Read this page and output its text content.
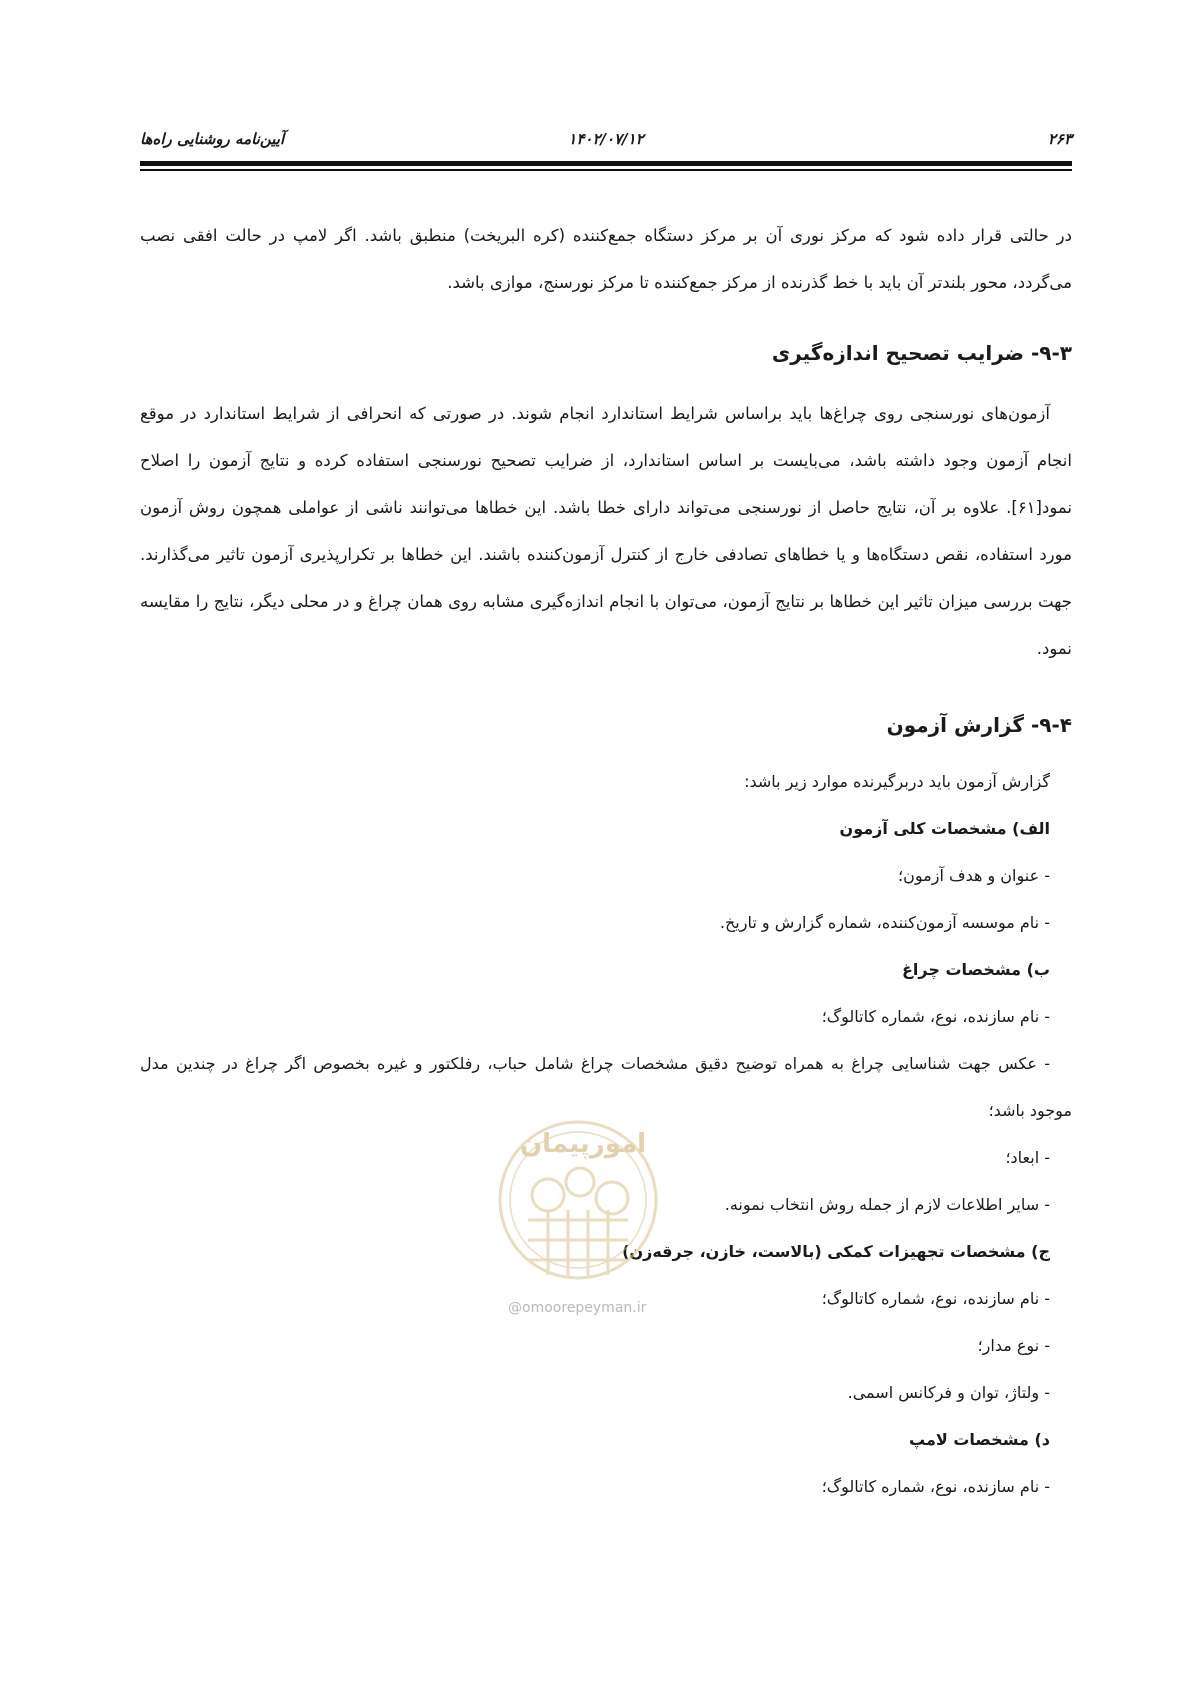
۲۶۳
۱۴۰۲/۰۷/۱۲
آیین‌نامه روشنایی راه‌ها

در حالتی قرار داده شود که مرکز نوری آن بر مرکز دستگاه جمع‌کننده (کره البریخت) منطبق باشد. اگر لامپ در حالت افقی نصب می‌گردد، محور بلندتر آن باید با خط گذرنده از مرکز جمع‌کننده تا مرکز نورسنج، موازی باشد.

۹-۳- ضرایب تصحیح اندازه‌گیری

آزمون‌های نورسنجی روی چراغ‌ها باید براساس شرایط استاندارد انجام شوند. در صورتی که انحرافی از شرایط استاندارد در موقع انجام آزمون وجود داشته باشد، می‌بایست بر اساس استاندارد، از ضرایب تصحیح نورسنجی استفاده کرده و نتایج آزمون را اصلاح نمود[۶۱]. علاوه بر آن، نتایج حاصل از نورسنجی می‌تواند دارای خطا باشد. این خطاها می‌توانند ناشی از عواملی همچون روش آزمون مورد استفاده، نقص دستگاه‌ها و یا خطاهای تصادفی خارج از کنترل آزمون‌کننده باشند. این خطاها بر تکرارپذیری آزمون تاثیر می‌گذارند. جهت بررسی میزان تاثیر این خطاها بر نتایج آزمون، می‌توان با انجام اندازه‌گیری مشابه روی همان چراغ و در محلی دیگر، نتایج را مقایسه نمود.

۹-۴- گزارش آزمون

گزارش آزمون باید دربرگیرنده موارد زیر باشد:

الف) مشخصات کلی آزمون

- عنوان و هدف آزمون؛

- نام موسسه آزمون‌کننده، شماره گزارش و تاریخ.

ب) مشخصات چراغ

- نام سازنده، نوع، شماره کاتالوگ؛

- عکس جهت شناسایی چراغ به همراه توضیح دقیق مشخصات چراغ شامل حباب، رفلکتور و غیره بخصوص اگر چراغ در چندین مدل موجود باشد؛

- ابعاد؛

- سایر اطلاعات لازم از جمله روش انتخاب نمونه.

ج) مشخصات تجهیزات کمکی (بالاست، خازن، جرقه‌زن)

- نام سازنده، نوع، شماره کاتالوگ؛

- نوع مدار؛

- ولتاژ، توان و فرکانس اسمی.

د) مشخصات لامپ

- نام سازنده، نوع، شماره کاتالوگ؛

امورپیمان
@omoorepeyman.ir
